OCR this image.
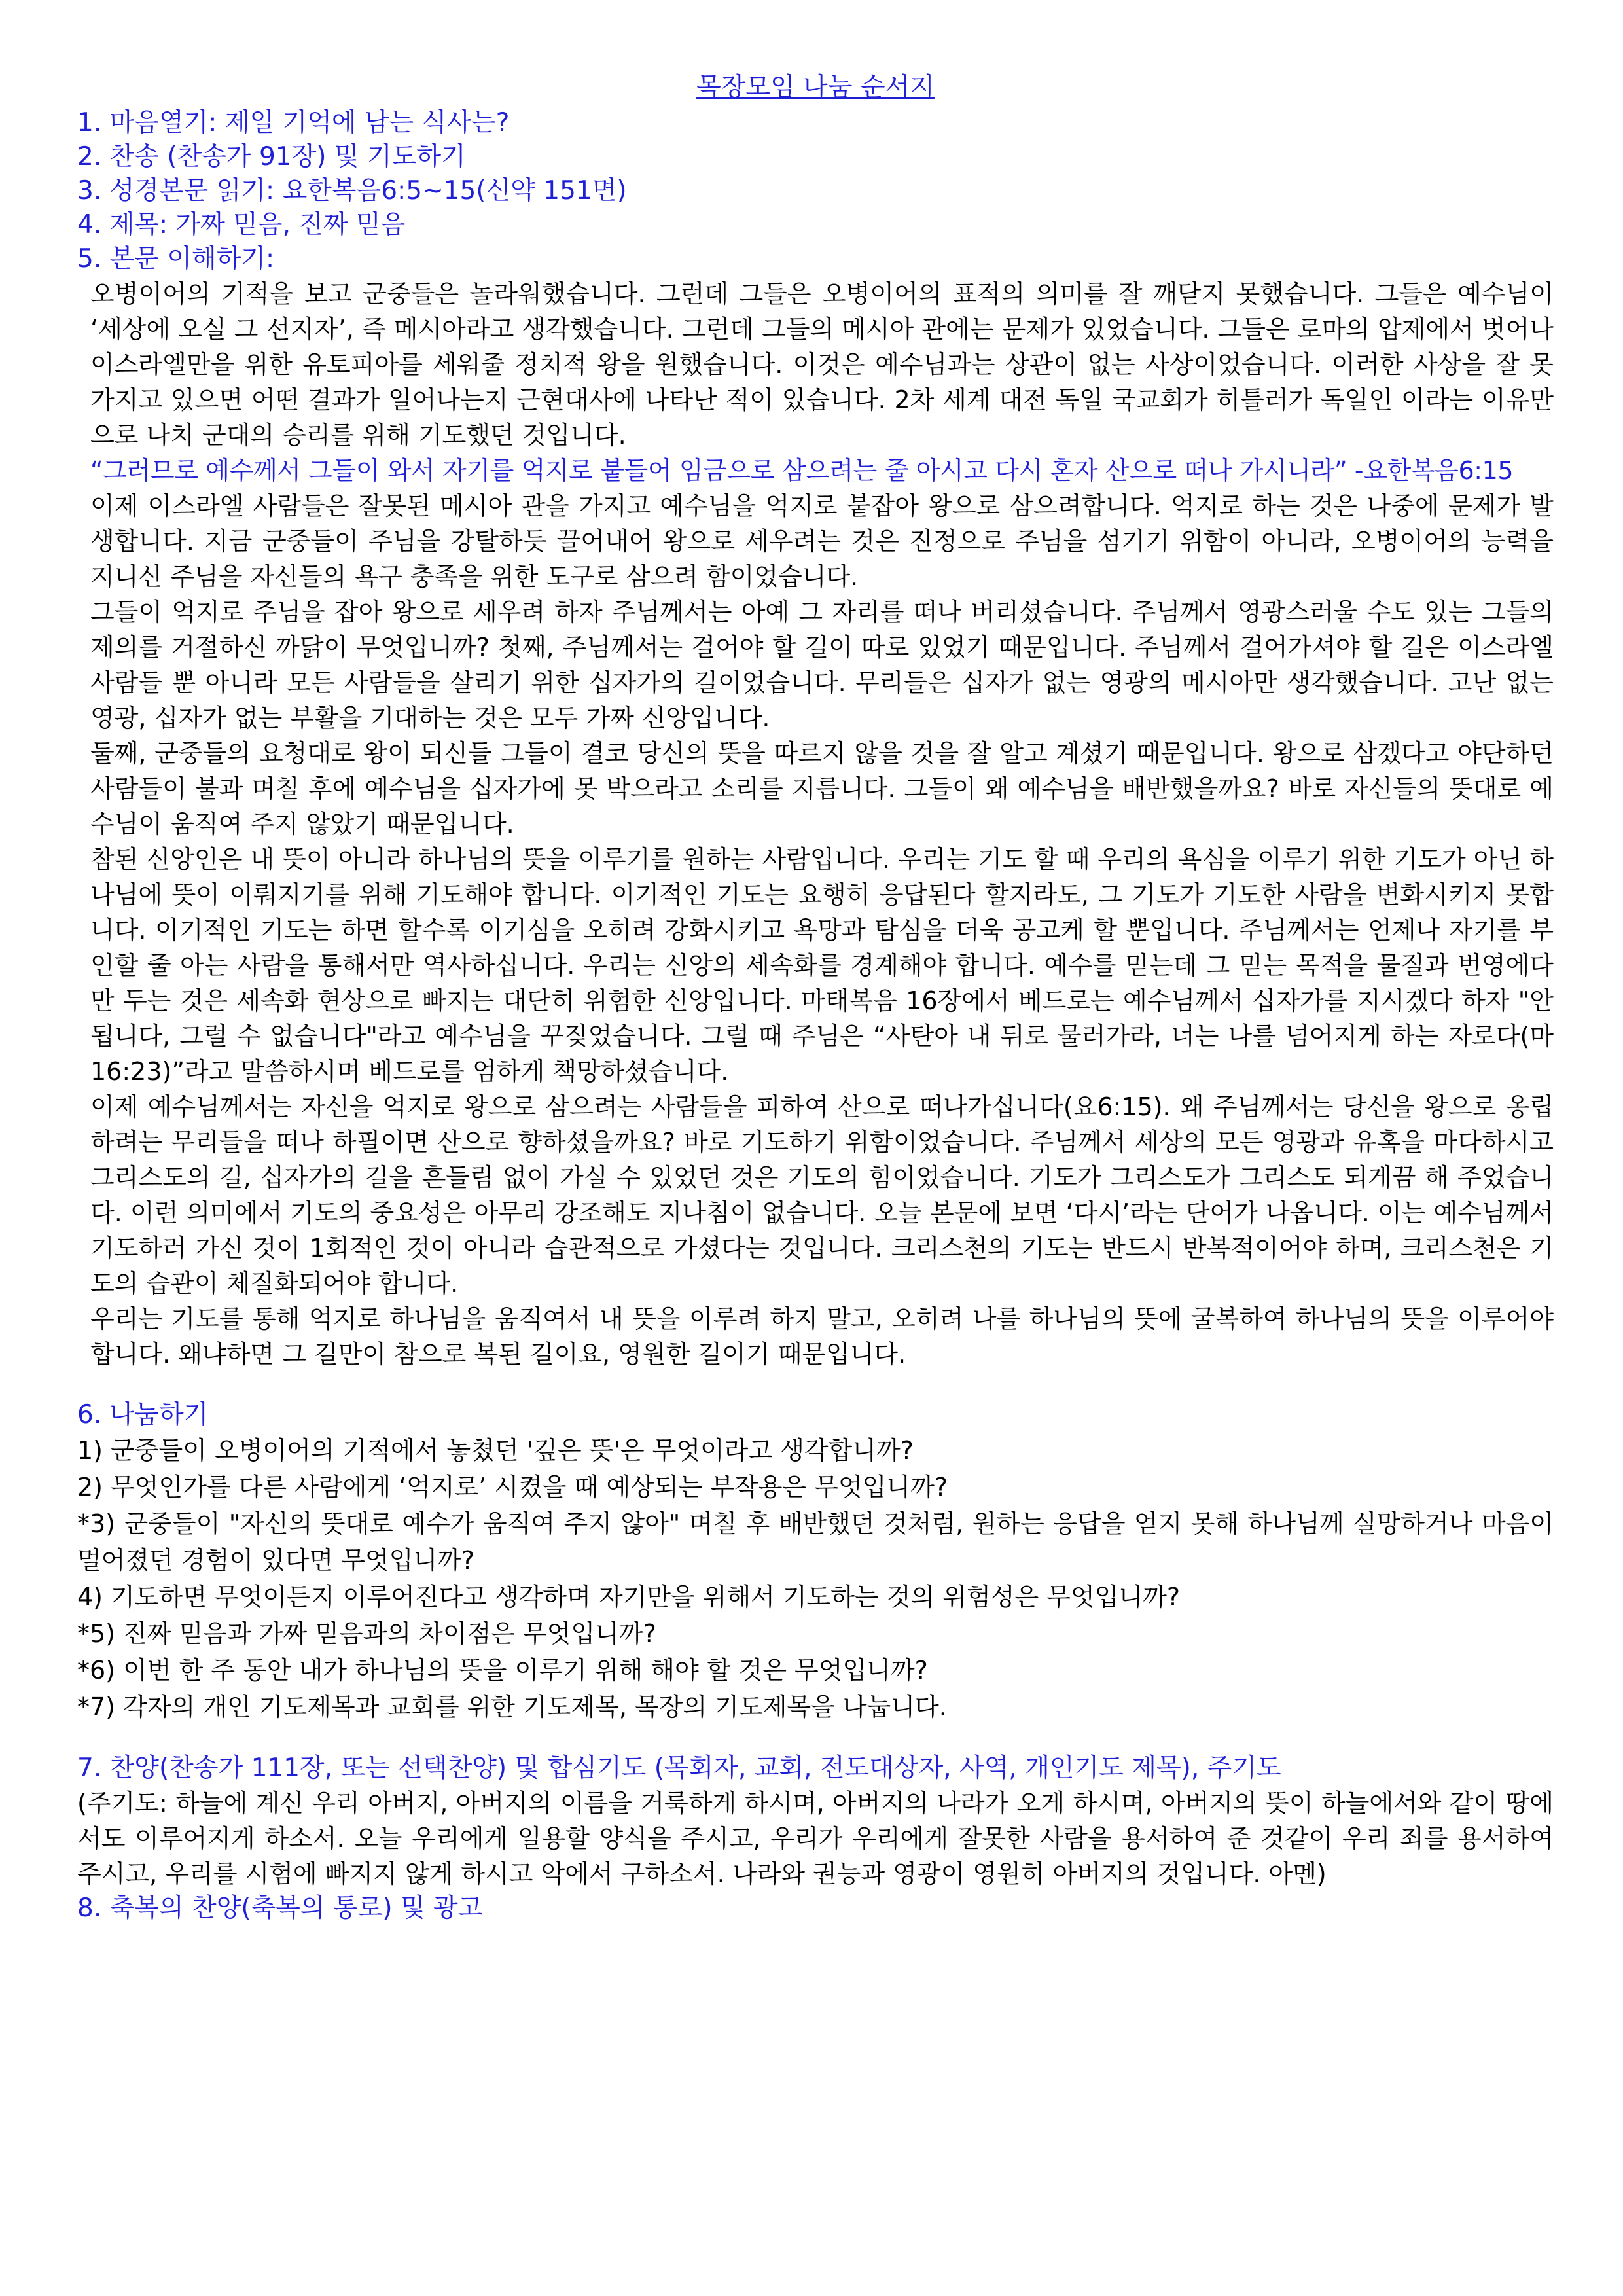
목장모임 나눔 순서지
1. 마음열기: 제일 기억에 남는 식사는?
2. 찬송 (찬송가 91장) 및 기도하기
3. 성경본문 읽기: 요한복음6:5~15(신약 151면)
4. 제목: 가짜 믿음, 진짜 믿음
5. 본문 이해하기:

오병이어의 기적을 보고 군중들은 놀라워했습니다. 그런데 그들은 오병이어의 표적의 의미를 잘 깨닫지 못했습니다. 그들은 예수님이 ‘세상에 오실 그 선지자’, 즉 메시아라고 생각했습니다. 그런데 그들의 메시아 관에는 문제가 있었습니다. 그들은 로마의 압제에서 벗어나 이스라엘만을 위한 유토피아를 세워줄 정치적 왕을 원했습니다. 이것은 예수님과는 상관이 없는 사상이었습니다. 이러한 사상을 잘 못 가지고 있으면 어떤 결과가 일어나는지 근현대사에 나타난 적이 있습니다. 2차 세계 대전 독일 국교회가 히틀러가 독일인 이라는 이유만으로 나치 군대의 승리를 위해 기도했던 것입니다.

“그러므로 예수께서 그들이 와서 자기를 억지로 붙들어 임금으로 삼으려는 줄 아시고 다시 혼자 산으로 떠나 가시니라” -요한복음6:15

이제 이스라엘 사람들은 잘못된 메시아 관을 가지고 예수님을 억지로 붙잡아 왕으로 삼으려합니다. 억지로 하는 것은 나중에 문제가 발생합니다. 지금 군중들이 주님을 강탈하듯 끌어내어 왕으로 세우려는 것은 진정으로 주님을 섬기기 위함이 아니라, 오병이어의 능력을 지니신 주님을 자신들의 욕구 충족을 위한 도구로 삼으려 함이었습니다.

그들이 억지로 주님을 잡아 왕으로 세우려 하자 주님께서는 아예 그 자리를 떠나 버리셨습니다. 주님께서 영광스러울 수도 있는 그들의 제의를 거절하신 까닭이 무엇입니까? 첫째, 주님께서는 걸어야 할 길이 따로 있었기 때문입니다. 주님께서 걸어가셔야 할 길은 이스라엘 사람들 뿐 아니라 모든 사람들을 살리기 위한 십자가의 길이었습니다. 무리들은 십자가 없는 영광의 메시아만 생각했습니다. 고난 없는 영광, 십자가 없는 부활을 기대하는 것은 모두 가짜 신앙입니다.

둘째, 군중들의 요청대로 왕이 되신들 그들이 결코 당신의 뜻을 따르지 않을 것을 잘 알고 계셨기 때문입니다. 왕으로 삼겠다고 야단하던 사람들이 불과 며칠 후에 예수님을 십자가에 못 박으라고 소리를 지릅니다. 그들이 왜 예수님을 배반했을까요? 바로 자신들의 뜻대로 예수님이 움직여 주지 않았기 때문입니다.

참된 신앙인은 내 뜻이 아니라 하나님의 뜻을 이루기를 원하는 사람입니다. 우리는 기도 할 때 우리의 욕심을 이루기 위한 기도가 아닌 하나님에 뜻이 이뤄지기를 위해 기도해야 합니다. 이기적인 기도는 요행히 응답된다 할지라도, 그 기도가 기도한 사람을 변화시키지 못합니다. 이기적인 기도는 하면 할수록 이기심을 오히려 강화시키고 욕망과 탐심을 더욱 공고케 할 뿐입니다. 주님께서는 언제나 자기를 부인할 줄 아는 사람을 통해서만 역사하십니다. 우리는 신앙의 세속화를 경계해야 합니다. 예수를 믿는데 그 믿는 목적을 물질과 번영에다만 두는 것은 세속화 현상으로 빠지는 대단히 위험한 신앙입니다. 마태복음 16장에서 베드로는 예수님께서 십자가를 지시겠다 하자 "안 됩니다, 그럴 수 없습니다"라고 예수님을 꾸짖었습니다. 그럴 때 주님은 “사탄아 내 뒤로 물러가라, 너는 나를 넘어지게 하는 자로다(마 16:23)”라고 말씀하시며 베드로를 엄하게 책망하셨습니다.

이제 예수님께서는 자신을 억지로 왕으로 삼으려는 사람들을 피하여 산으로 떠나가십니다(요6:15). 왜 주님께서는 당신을 왕으로 옹립하려는 무리들을 떠나 하필이면 산으로 향하셨을까요? 바로 기도하기 위함이었습니다. 주님께서 세상의 모든 영광과 유혹을 마다하시고 그리스도의 길, 십자가의 길을 흔들림 없이 가실 수 있었던 것은 기도의 힘이었습니다. 기도가 그리스도가 그리스도 되게끔 해 주었습니다. 이런 의미에서 기도의 중요성은 아무리 강조해도 지나침이 없습니다. 오늘 본문에 보면 ‘다시’라는 단어가 나옵니다. 이는 예수님께서 기도하러 가신 것이 1회적인 것이 아니라 습관적으로 가셨다는 것입니다. 크리스천의 기도는 반드시 반복적이어야 하며, 크리스천은 기도의 습관이 체질화되어야 합니다.

우리는 기도를 통해 억지로 하나님을 움직여서 내 뜻을 이루려 하지 말고, 오히려 나를 하나님의 뜻에 굴복하여 하나님의 뜻을 이루어야 합니다. 왜냐하면 그 길만이 참으로 복된 길이요, 영원한 길이기 때문입니다.

6. 나눔하기

1) 군중들이 오병이어의 기적에서 놓쳤던 '깊은 뜻'은 무엇이라고 생각합니까?

2) 무엇인가를 다른 사람에게 ‘억지로’ 시켰을 때 예상되는 부작용은 무엇입니까?

*3) 군중들이 "자신의 뜻대로 예수가 움직여 주지 않아" 며칠 후 배반했던 것처럼, 원하는 응답을 얻지 못해 하나님께 실망하거나 마음이 멀어졌던 경험이 있다면 무엇입니까?

4) 기도하면 무엇이든지 이루어진다고 생각하며 자기만을 위해서 기도하는 것의 위험성은 무엇입니까?

*5) 진짜 믿음과 가짜 믿음과의 차이점은 무엇입니까?

*6) 이번 한 주 동안 내가 하나님의 뜻을 이루기 위해 해야 할 것은 무엇입니까?

*7) 각자의 개인 기도제목과 교회를 위한 기도제목, 목장의 기도제목을 나눕니다.

7. 찬양(찬송가 111장, 또는 선택찬양) 및 합심기도 (목회자, 교회, 전도대상자, 사역, 개인기도 제목), 주기도

(주기도: 하늘에 계신 우리 아버지, 아버지의 이름을 거룩하게 하시며, 아버지의 나라가 오게 하시며, 아버지의 뜻이 하늘에서와 같이 땅에서도 이루어지게 하소서. 오늘 우리에게 일용할 양식을 주시고, 우리가 우리에게 잘못한 사람을 용서하여 준 것같이 우리 죄를 용서하여 주시고, 우리를 시험에 빠지지 않게 하시고 악에서 구하소서. 나라와 권능과 영광이 영원히 아버지의 것입니다. 아멘)

8. 축복의 찬양(축복의 통로) 및 광고
